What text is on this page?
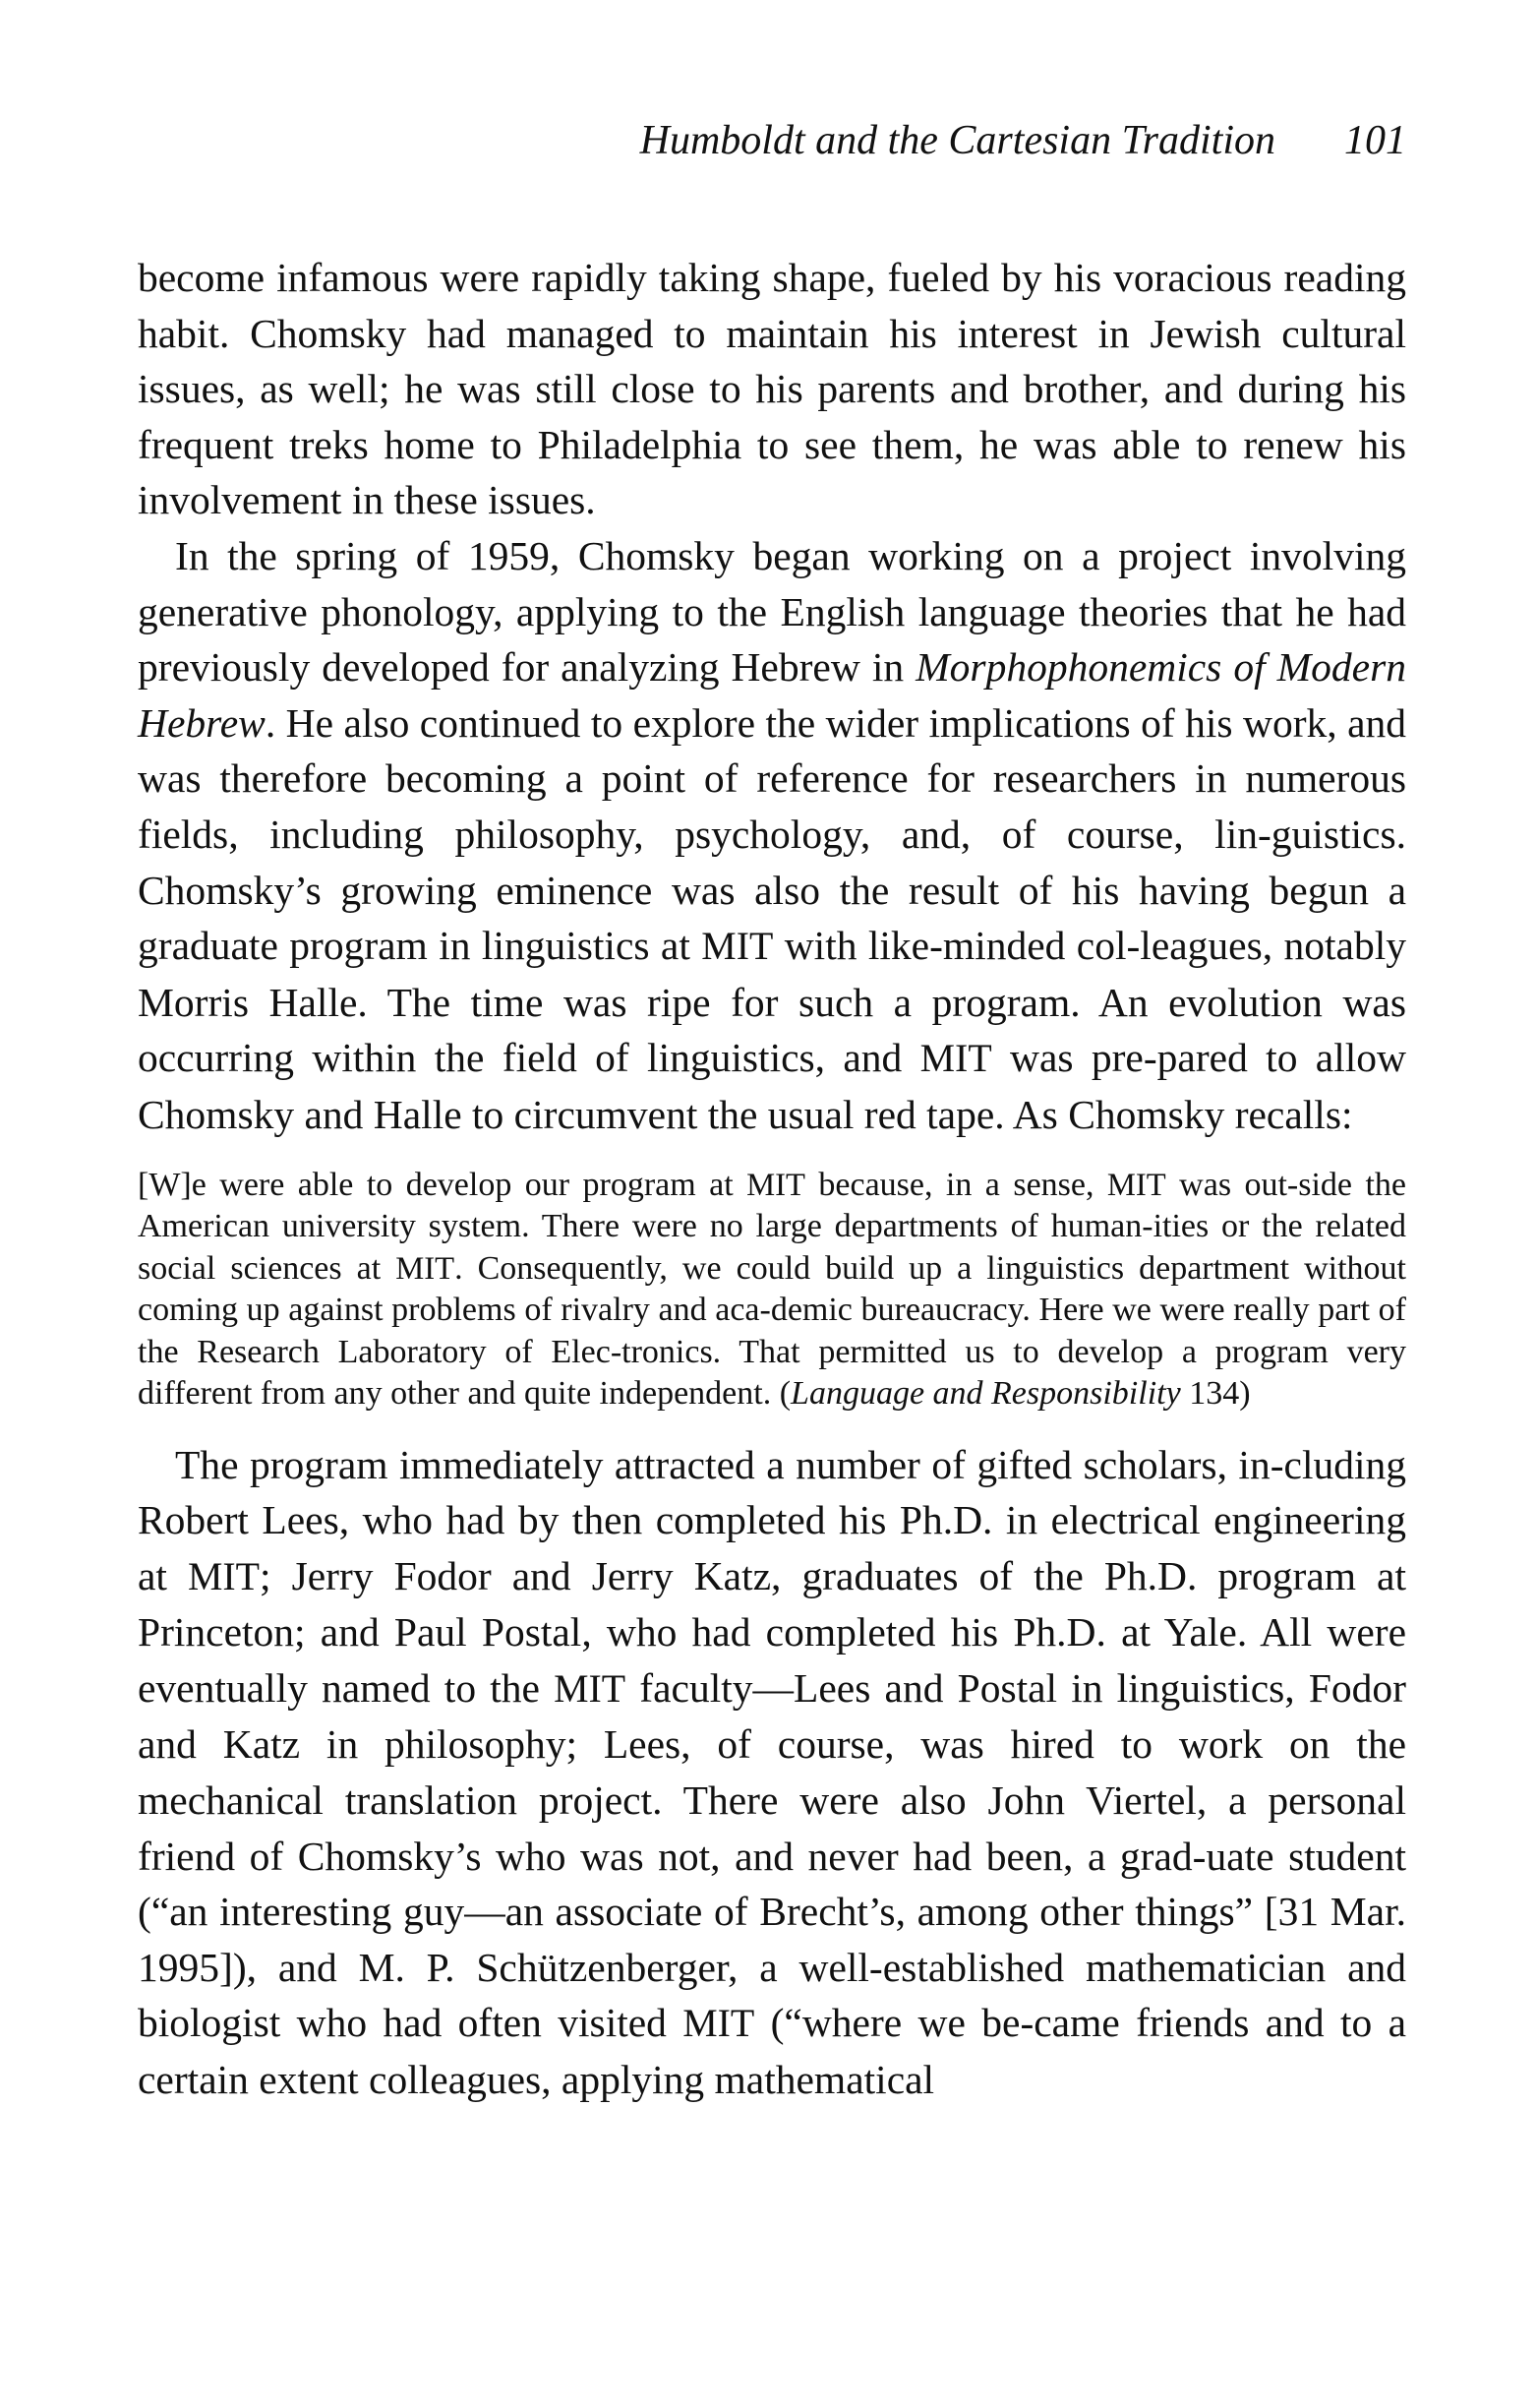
Humboldt and the Cartesian Tradition 101

become infamous were rapidly taking shape, fueled by his voracious reading habit. Chomsky had managed to maintain his interest in Jewish cultural issues, as well; he was still close to his parents and brother, and during his frequent treks home to Philadelphia to see them, he was able to renew his involvement in these issues.

In the spring of 1959, Chomsky began working on a project involving generative phonology, applying to the English language theories that he had previously developed for analyzing Hebrew in Morphophonemics of Modern Hebrew. He also continued to explore the wider implications of his work, and was therefore becoming a point of reference for researchers in numerous fields, including philosophy, psychology, and, of course, lin-guistics. Chomsky’s growing eminence was also the result of his having begun a graduate program in linguistics at MIT with like-minded col-leagues, notably Morris Halle. The time was ripe for such a program. An evolution was occurring within the field of linguistics, and MIT was pre-pared to allow Chomsky and Halle to circumvent the usual red tape. As Chomsky recalls:

[W]e were able to develop our program at MIT because, in a sense, MIT was out-side the American university system. There were no large departments of human-ities or the related social sciences at MIT. Consequently, we could build up a linguistics department without coming up against problems of rivalry and aca-demic bureaucracy. Here we were really part of the Research Laboratory of Elec-tronics. That permitted us to develop a program very different from any other and quite independent. (Language and Responsibility 134)

The program immediately attracted a number of gifted scholars, in-cluding Robert Lees, who had by then completed his Ph.D. in electrical engineering at MIT; Jerry Fodor and Jerry Katz, graduates of the Ph.D. program at Princeton; and Paul Postal, who had completed his Ph.D. at Yale. All were eventually named to the MIT faculty—Lees and Postal in linguistics, Fodor and Katz in philosophy; Lees, of course, was hired to work on the mechanical translation project. There were also John Viertel, a personal friend of Chomsky’s who was not, and never had been, a grad-uate student (“an interesting guy—an associate of Brecht’s, among other things” [31 Mar. 1995]), and M. P. Schützenberger, a well-established mathematician and biologist who had often visited MIT (“where we be-came friends and to a certain extent colleagues, applying mathematical
